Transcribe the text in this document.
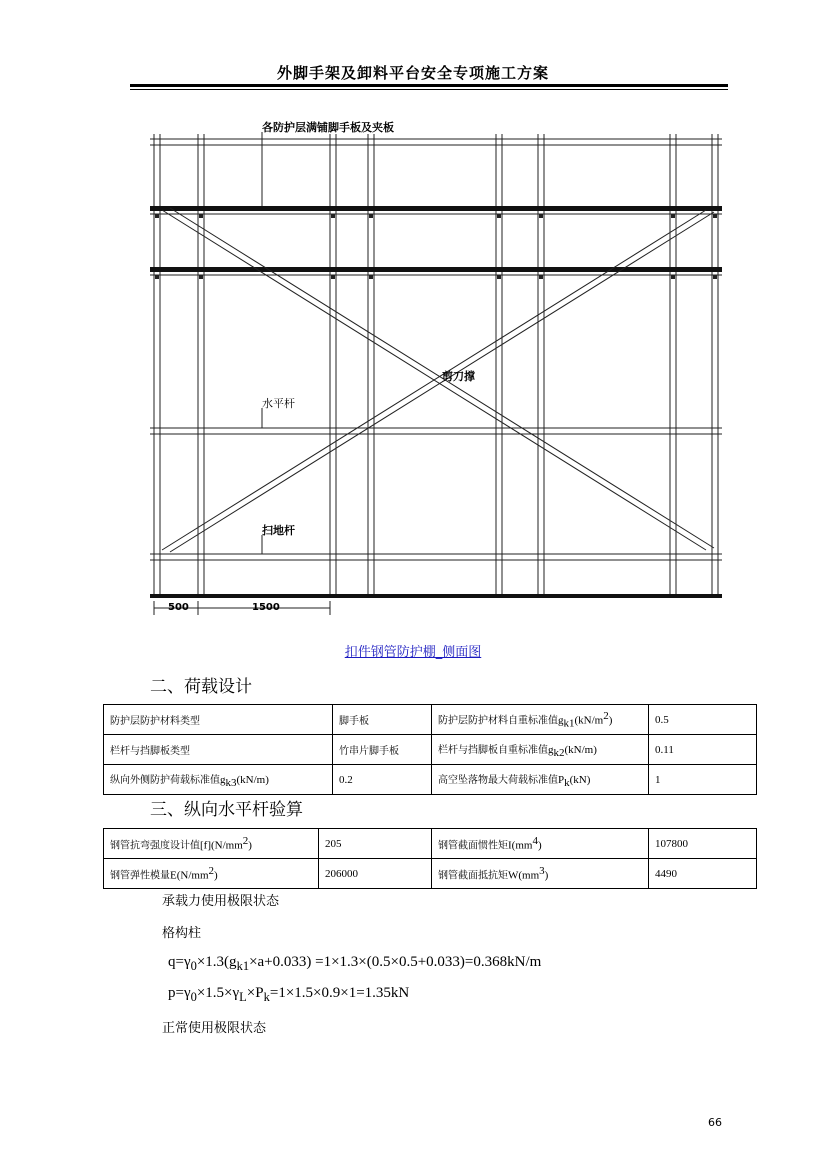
外脚手架及卸料平台安全专项施工方案
各防护层满铺脚手板及夹板
剪刀撑
水平杆
扫地杆
500	1500
扣件钢管防护棚_侧面图
二、荷载设计
防护层防护材料类型	脚手板	防护层防护材料自重标准值$g_{k1}(kN/m^2)$	0.5
栏杆与挡脚板类型	竹串片脚手板	栏杆与挡脚板自重标准值$g_{k2}(kN/m)$	0.11
纵向外侧防护荷载标准值$g_{k3}(kN/m)$	0.2	高空坠落物最大荷载标准值$P_k(kN)$	1
三、纵向水平杆验算
钢管抗弯强度设计值$[f](N/mm^2)$	205	钢管截面惯性矩$I(mm^4)$	107800
钢管弹性模量$E(N/mm^2)$	206000	钢管截面抵抗矩$W(mm^3)$	4490
承载力使用极限状态
格构柱
$q=\gamma_0\times 1.3(g_{k1}\times a+0.033) =1\times 1.3\times(0.5\times 0.5+0.033)=0.368kN/m$
$p=\gamma_0\times 1.5\times\gamma_L\times P_k=1\times 1.5\times 0.9\times 1=1.35kN$
正常使用极限状态
66
